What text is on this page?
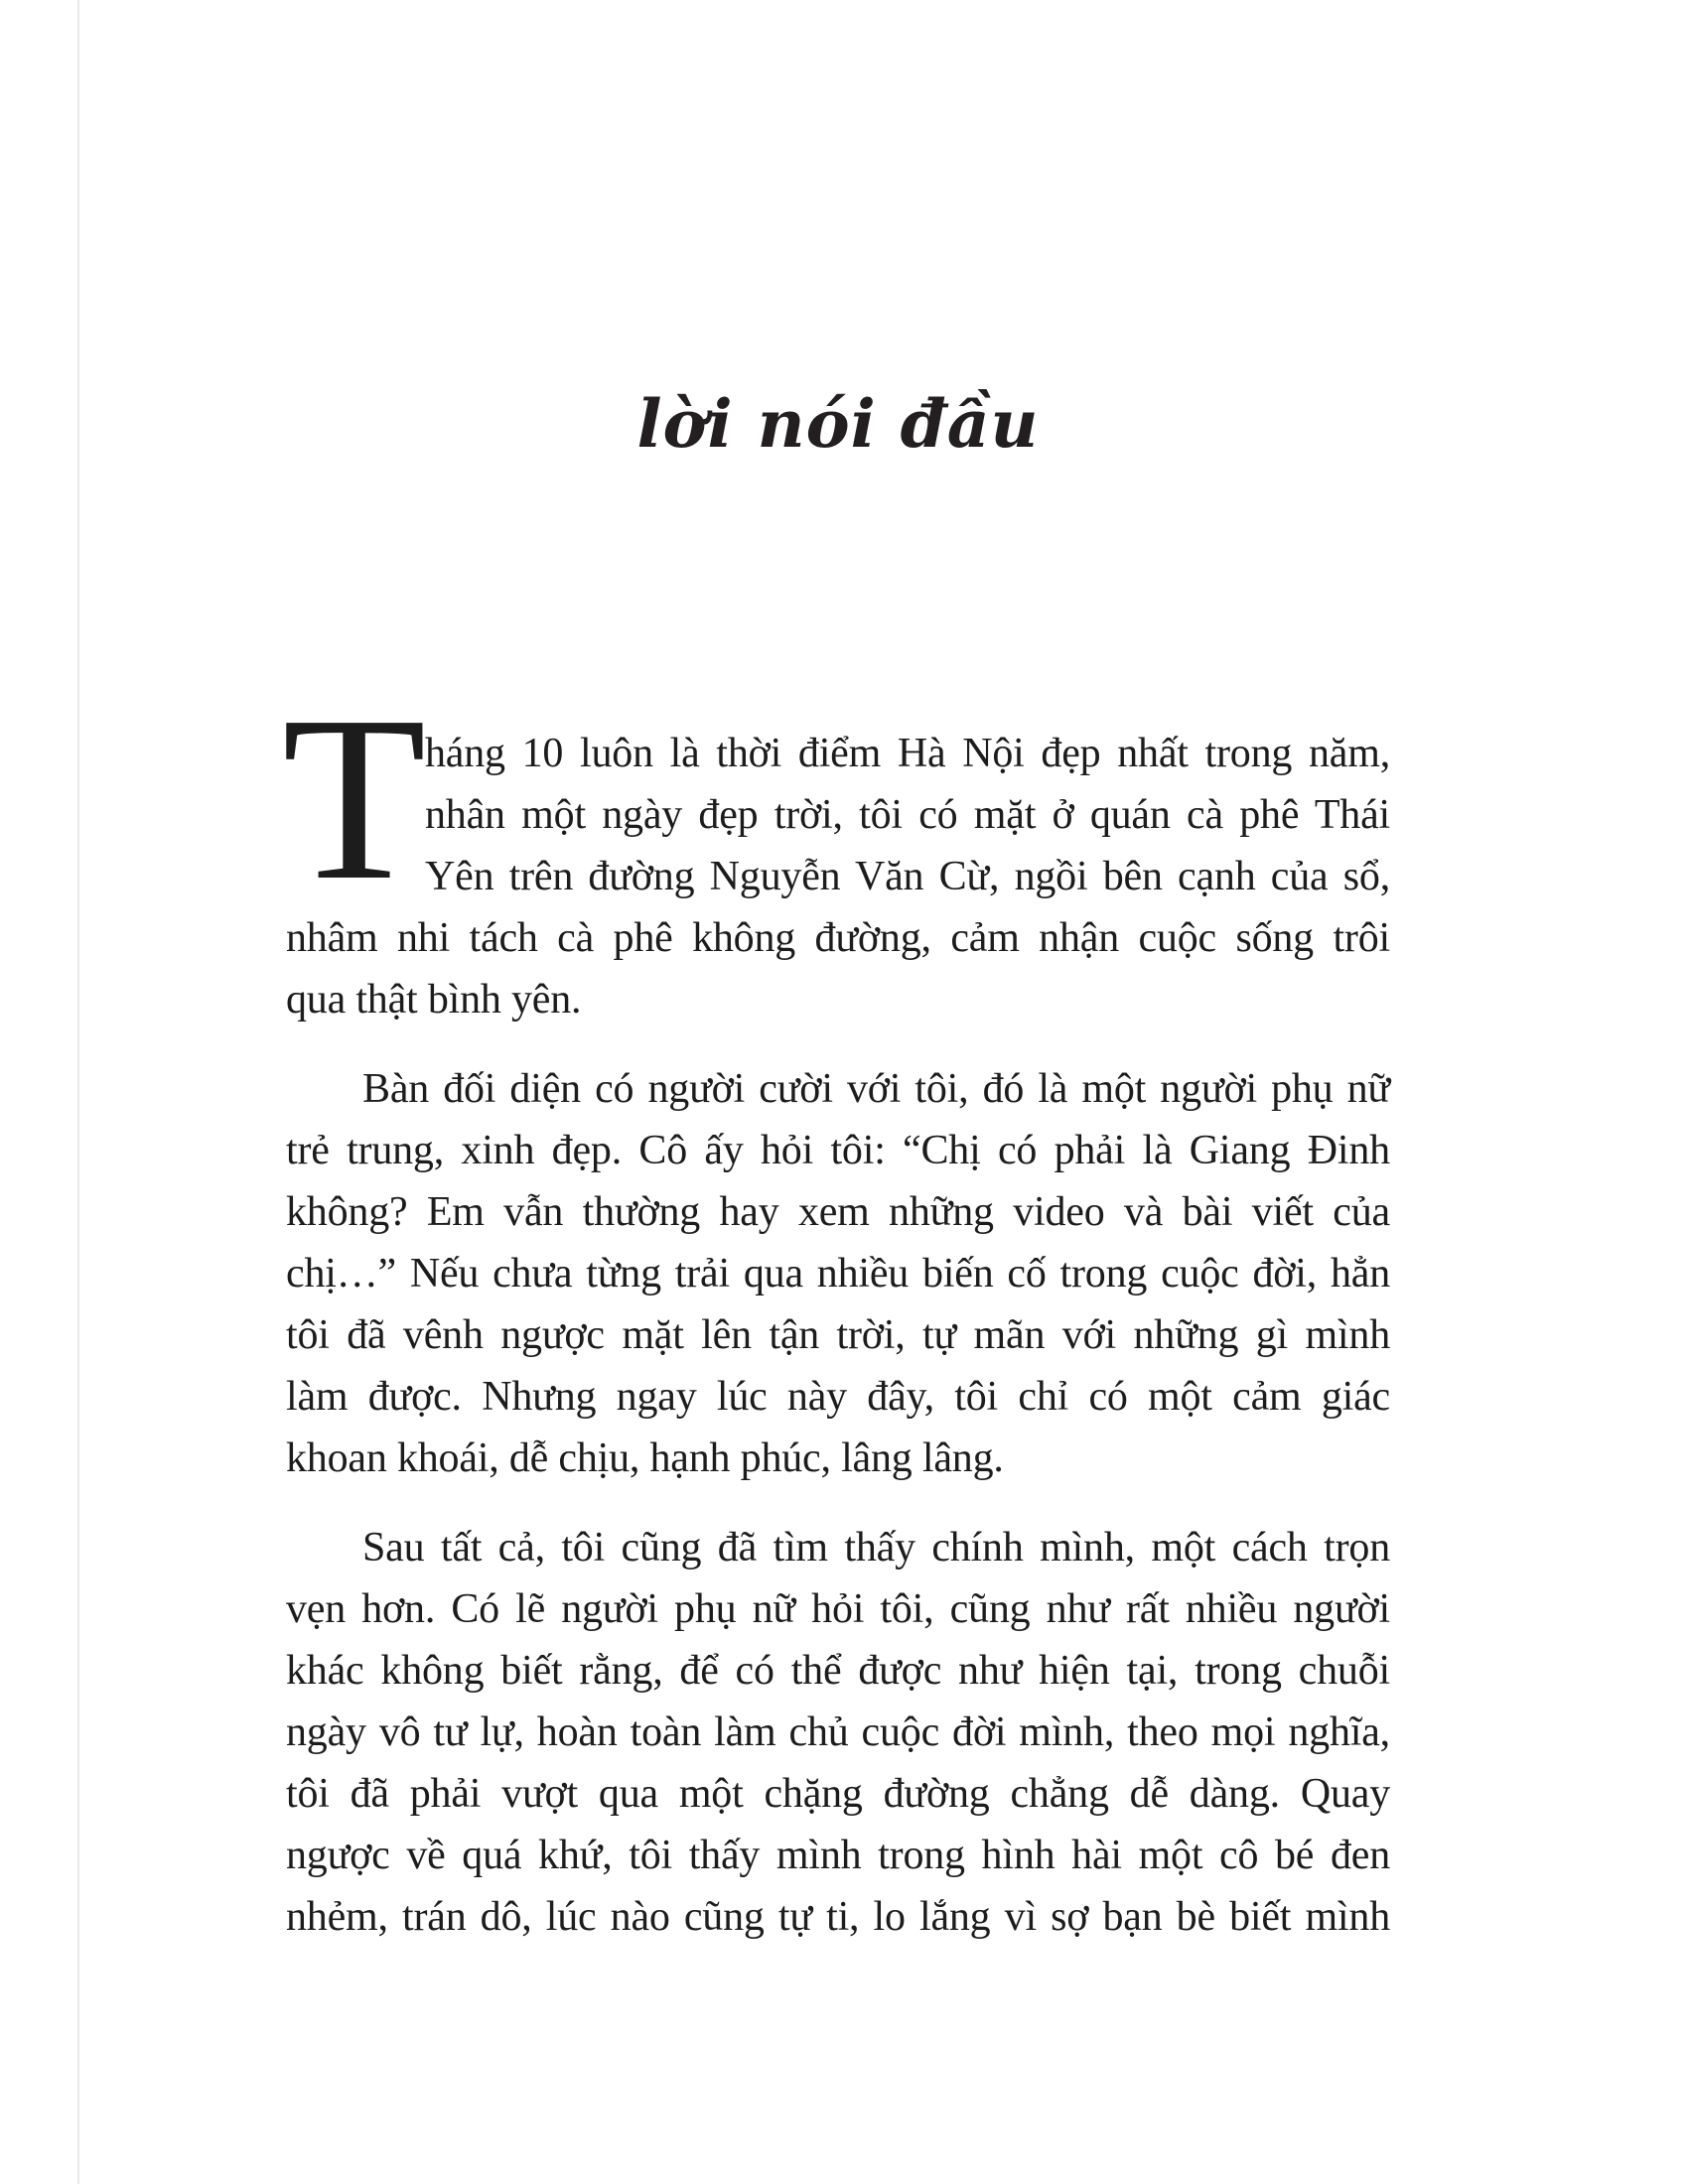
lời nói đầu
T
háng 10 luôn là thời điểm Hà Nội đẹp nhất trong năm,
nhân một ngày đẹp trời, tôi có mặt ở quán cà phê Thái
Yên trên đường Nguyễn Văn Cừ, ngồi bên cạnh của sổ,
nhâm nhi tách cà phê không đường, cảm nhận cuộc sống trôi
qua thật bình yên.
Bàn đối diện có người cười với tôi, đó là một người phụ nữ
trẻ trung, xinh đẹp. Cô ấy hỏi tôi: “Chị có phải là Giang Đinh
không? Em vẫn thường hay xem những video và bài viết của
chị…” Nếu chưa từng trải qua nhiều biến cố trong cuộc đời, hẳn
tôi đã vênh ngược mặt lên tận trời, tự mãn với những gì mình
làm được. Nhưng ngay lúc này đây, tôi chỉ có một cảm giác
khoan khoái, dễ chịu, hạnh phúc, lâng lâng.
Sau tất cả, tôi cũng đã tìm thấy chính mình, một cách trọn
vẹn hơn. Có lẽ người phụ nữ hỏi tôi, cũng như rất nhiều người
khác không biết rằng, để có thể được như hiện tại, trong chuỗi
ngày vô tư lự, hoàn toàn làm chủ cuộc đời mình, theo mọi nghĩa,
tôi đã phải vượt qua một chặng đường chẳng dễ dàng. Quay
ngược về quá khứ, tôi thấy mình trong hình hài một cô bé đen
nhẻm, trán dô, lúc nào cũng tự ti, lo lắng vì sợ bạn bè biết mình
